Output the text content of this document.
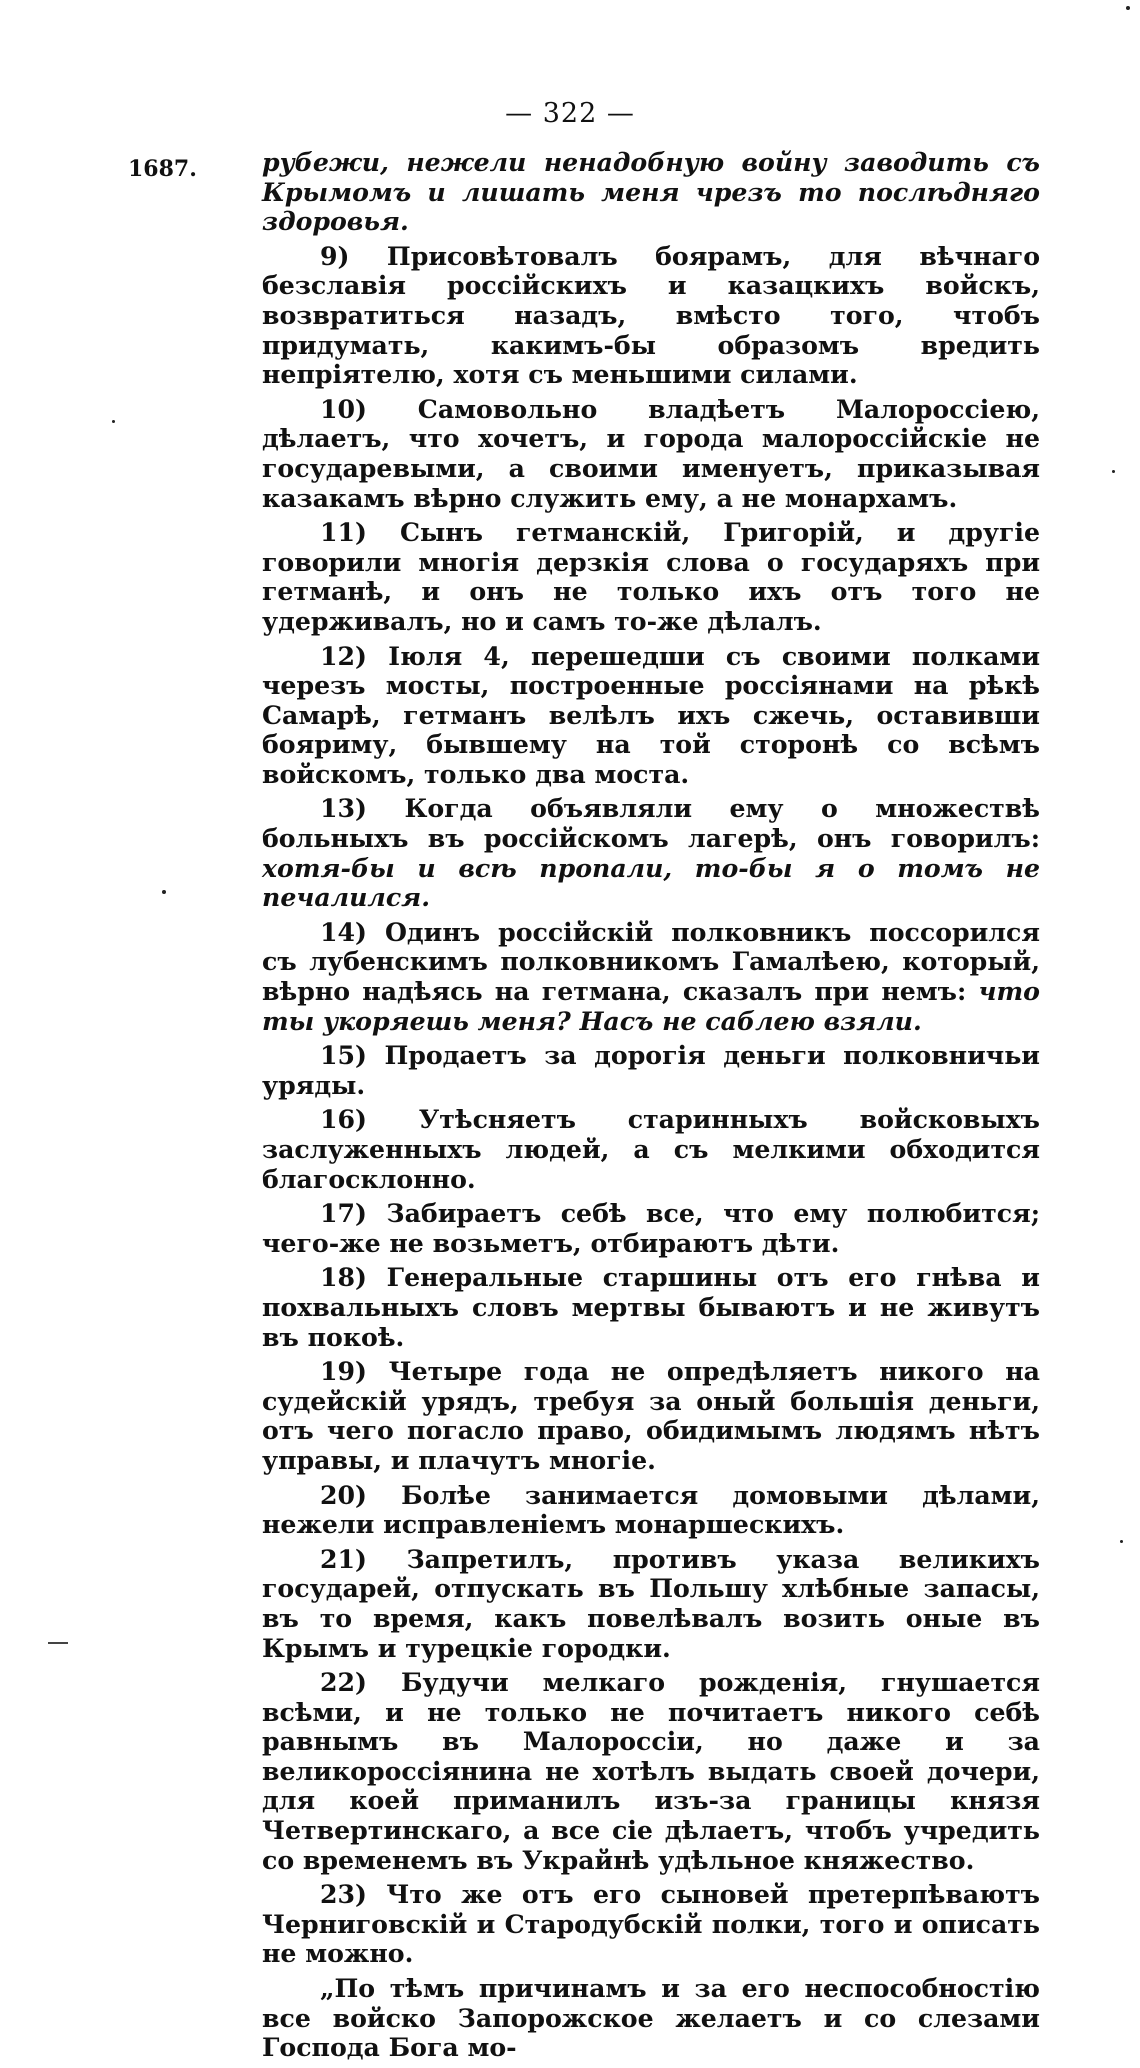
— 322 —
1687.	рубежи, нежели ненадобную войну заводить съ Крымомъ и лишать меня чрезъ то послѣдняго здоровья.

9) Присовѣтовалъ боярамъ, для вѣчнаго безславія россійскихъ и казацкихъ войскъ, возвратиться назадъ, вмѣсто того, чтобъ придумать, какимъ-бы образомъ вредить непріятелю, хотя съ меньшими силами.

10) Самовольно владѣетъ Малороссіею, дѣлаетъ, что хочетъ, и города малороссійскіе не государевыми, а своими именуетъ, приказывая казакамъ вѣрно служить ему, а не монархамъ.

11) Сынъ гетманскій, Григорій, и другіе говорили многія дерзкія слова о государяхъ при гетманѣ, и онъ не только ихъ отъ того не удерживалъ, но и самъ то-же дѣлалъ.

12) Іюля 4, перешедши съ своими полками черезъ мосты, построенные россіянами на рѣкѣ Самарѣ, гетманъ велѣлъ ихъ сжечь, оставивши бояриму, бывшему на той сторонѣ со всѣмъ войскомъ, только два моста.

13) Когда объявляли ему о множествѣ больныхъ въ россійскомъ лагерѣ, онъ говорилъ: хотя-бы и всѣ пропали, то-бы я о томъ не печалился.

14) Одинъ россійскій полковникъ поссорился съ лубенскимъ полковникомъ Гамалѣею, который, вѣрно надѣясь на гетмана, сказалъ при немъ: что ты укоряешь меня? Насъ не саблею взяли.

15) Продаетъ за дорогія деньги полковничьи уряды.

16) Утѣсняетъ старинныхъ войсковыхъ заслуженныхъ людей, а съ мелкими обходится благосклонно.

17) Забираетъ себѣ все, что ему полюбится; чего-же не возьметъ, отбираютъ дѣти.

18) Генеральные старшины отъ его гнѣва и похвальныхъ словъ мертвы бываютъ и не живутъ въ покоѣ.

19) Четыре года не опредѣляетъ никого на судейскій урядъ, требуя за оный большія деньги, отъ чего погасло право, обидимымъ людямъ нѣтъ управы, и плачутъ многіе.

20) Болѣе занимается домовыми дѣлами, нежели исправленіемъ монаршескихъ.

21) Запретилъ, противъ указа великихъ государей, отпускать въ Польшу хлѣбные запасы, въ то время, какъ повелѣвалъ возить оные въ Крымъ и турецкіе городки.

22) Будучи мелкаго рожденія, гнушается всѣми, и не только не почитаетъ никого себѣ равнымъ въ Малороссіи, но даже и за великороссіянина не хотѣлъ выдать своей дочери, для коей приманилъ изъ-за границы князя Четвертинскаго, а все сіе дѣлаетъ, чтобъ учредить со временемъ въ Украйнѣ удѣльное княжество.

23) Что же отъ его сыновей претерпѣваютъ Черниговскій и Стародубскій полки, того и описать не можно.

„По тѣмъ причинамъ и за его неспособностію все войско Запорожское желаетъ и со слезами Господа Бога мо-
